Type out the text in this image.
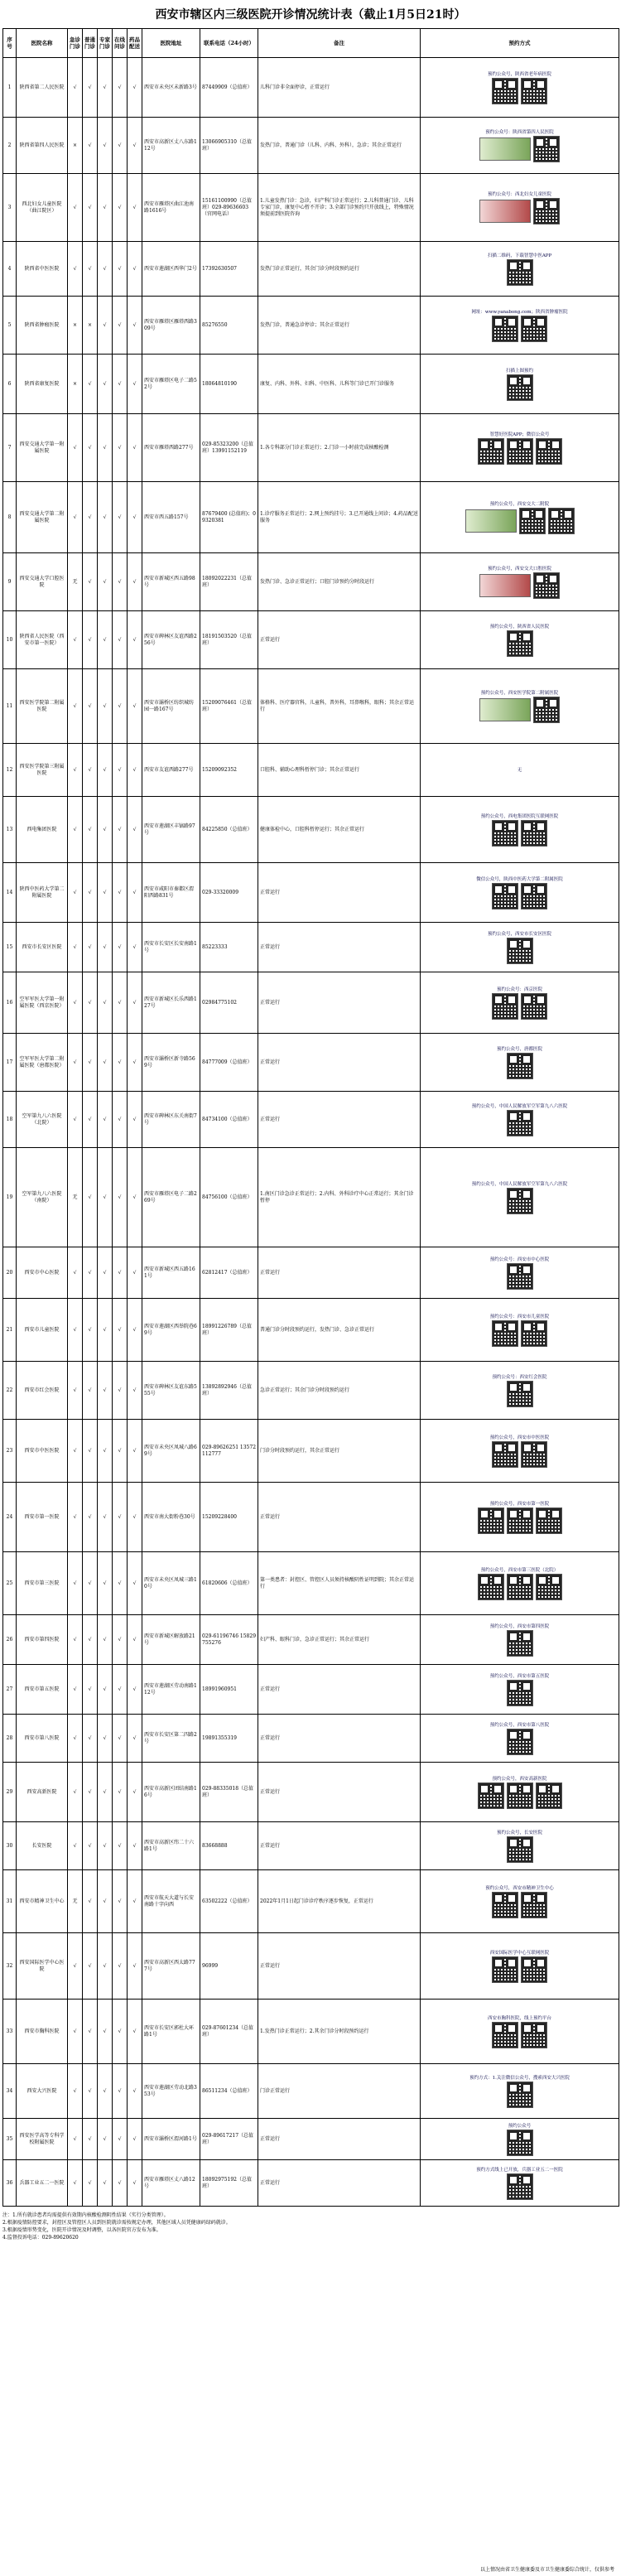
西安市辖区内三级医院开诊情况统计表（截止1月5日21时）
序号	医院名称	急诊门诊	普通门诊	专家门诊	在线问诊	药品配送	医院地址	联系电话（24小时）	备注	预约方式
1	陕西省第二人民医院	√	√	√	√	√	西安市未央区未新路3号	87449909（总值班）	儿科门诊非全面停诊，正常运行	预约公众号，陕西省老年病医院

2	陕西省第四人民医院	×	√	√	√	√	西安市高新区丈八东路112号	13066905310（总值班）	发热门诊，普通门诊（儿科、内科、外科），急诊；其余正常运行	预约公众号：陕西省第四人民医院

3	西北妇女儿童医院（曲江院区）	√	√	√	√	√	西安市雁塔区曲江池南路1616号	15161100990（总值班）029-89636603（官网电话）	1.儿童发热门诊：急诊，妇产科门诊正常运行；2.儿科普通门诊、儿科专家门诊，康复中心暂不开诊；3.全部门诊预约只开放线上，特殊情况须提前到医院咨询	预约公众号：西北妇女儿童医院

4	陕西省中医医院	√	√	√	√	√	西安市莲湖区西华门2号	17392630507	发热门诊正常运行，其余门诊分时段预约运行	扫描二维码，下载智慧中医APP

5	陕西省肿瘤医院	×	×	√	√	√	西安市雁塔区雁塔西路309号	85276550	发热门诊，普通急诊停诊；其余正常运行	网址：www.yanabong.com；陕西省肿瘤医院

6	陕西省康复医院	×	√	√	√	√	西安市雁塔区电子二路52号	18064810190	康复、内科、外科、妇科、中医科、儿科等门诊已开门诊服务	扫描上图预约

7	西安交通大学第一附属医院	√	√	√	√	√	西安市雁塔西路277号	029-85323200（总值班）13991152119	1.各专科部分门诊正常运行；2.门诊一小时前完成核酸检测	智慧好医院APP；微信公众号

8	西安交通大学第二附属医院	√	√	√	√	√	西安市西五路157号	87679400 (总值班)；09320381	1.诊疗服务正常运行；2.网上预约挂号；3.已开通线上问诊；4.药品配送服务	预约公众号，西安交大二附院

9	西安交通大学口腔医院	无	√	√	√	√	西安市新城区西五路98号	18092022231（总值班）	发热门诊、急诊正常运行；口腔门诊预约分时段运行	预约公众号，西安交大口腔医院

10	陕西省人民医院（西安市第一医院）	√	√	√	√	√	西安市碑林区友谊西路256号	18191503520（总值班）	正常运行	预约公众号，陕西省人民医院

11	西安医学院第二附属医院	√	√	√	√	√	西安市灞桥区纺织城纺园一路167号	15209076461（总值班）	体格科、医疗器官科，儿童科，普外科，耳鼻喉科，眼科；其余正常运行	预约公众号，西安医学院第二附属医院

12	西安医学院第三附属医院	√	√	√	√	√	西安市友谊西路277号	15209092352	口腔科、辅助心理科暂停门诊；其余正常运行	无

13	西电集团医院	√	√	√	√	√	西安市莲湖区丰镐路97号	84225850（总值班）	健康体检中心，口腔科暂停运行；其余正常运行	预约公众号，西电集团医院互联网医院

14	陕西中医药大学第二附属医院	√	√	√	√	√	西安市咸阳市秦都区渭阳西路831号	029-33320009	正常运行	微信公众号，陕西中医药大学第二附属医院

15	西安市长安区医院	√	√	√	√	√	西安市长安区长安南路1号	85223333	正常运行	预约公众号，西安市长安区医院

16	空军军医大学第一附属医院（西京医院）	√	√	√	√	√	西安市新城区长乐西路127号	02984775102	正常运行	预约公众号：西京医院

17	空军军医大学第二附属医院（唐都医院）	√	√	√	√	√	西安市灞桥区新寺路569号	84777009（总值班）	正常运行	预约公众号，唐都医院

18	空军第九八六医院（北院）	√	√	√	√	√	西安市碑林区东关南街7号	84734100（总值班）	正常运行	预约公众号，中国人民解放军空军第九八六医院

19	空军第九八六医院（南院）	无	√	√	√	√	西安市雁塔区电子二路269号	84756100（总值班）	1.南区门诊急诊正常运行；2.内科、外科诊疗中心正常运行；其余门诊暂停	预约公众号，中国人民解放军空军第九八六医院

20	西安市中心医院	√	√	√	√	√	西安市新城区西五路161号	62812417（总值班）	正常运行	预约公众号：西安市中心医院

21	西安市儿童医院	√	√	√	√	√	西安市莲湖区西举院巷69号	18991226789（总值班）	普通门诊分时段预约运行，发热门诊、急诊正常运行	预约公众号：西安市儿童医院

22	西安市红会医院	√	√	√	√	√	西安市碑林区友谊东路555号	13892892946（总值班）	急诊正常运行；其余门诊分时段预约运行	预约公众号：西安红会医院

23	西安市中医医院	√	√	√	√	√	西安市未央区凤城八路69号	029-89626251 13572112777	门诊分时段预约运行，其余正常运行	预约公众号，西安市中医医院

24	西安市第一医院	√	√	√	√	√	西安市南大街粉巷30号	15209228400	正常运行	预约公众号，西安市第一医院

25	西安市第三医院	√	√	√	√	√	西安市未央区凤城三路10号	61820606（总值班）	第一类患者：封控区、管控区人员须持核酸阴性证明到院；其余正常运行	预约公众号，西安市第三医院（北院）

26	西安市第四医院	√	√	√	√	√	西安市新城区解放路21号	029-61196746 15829755276	妇产科、眼科门诊，急诊正常运行；其余正常运行	预约公众号，西安市第四医院

27	西安市第五医院	√	√	√	√	√	西安市莲湖区劳动南路112号	18991960951	正常运行	预约公众号，西安市第五医院

28	西安市第八医院	√	√	√	√	√	西安市长安区第二四路2号	19891355319	正常运行	预约公众号，西安市第八医院

29	西安高新医院	√	√	√	√	√	西安市高新区团结南路16号	029-88335018（总值班）	正常运行	预约公众号，西安高新医院

30	长安医院	√	√	√	√	√	西安市高新区纬二十六路1号	83668888	正常运行	预约公众号，长安医院

31	西安市精神卫生中心	无	√	√	√	√	西安市航天大道与长安南路十字向西	63502222（总值班）	2022年1月1日起门诊诊疗秩序逐步恢复，正常运行	预约公众号，西安市精神卫生中心

32	西安国际医学中心医院	√	√	√	√	√	西安市高新区西太路777号	96999	正常运行	西安国际医学中心互联网医院

33	西安市胸科医院	√	√	√	√	√	西安市长安区郭杜大环路1号	029-87601234（总值班）	1.发热门诊正常运行；2.其余门诊分时段预约运行	西安市胸科医院，线上预约平台

34	西安大兴医院	√	√	√	√	√	西安市莲湖区劳动北路353号	86511234（总值班）	门诊正常运行	预约方式：1.关注微信公众号，搜索西安大兴医院

35	西安医学高等专科学校附属医院	√	√	√	√	√	西安市灞桥区渭河路1号	029-89617217（总值班）	正常运行	预约公众号

36	兵器工业五二一医院	√	√	√	√	√	西安市雁塔区丈八路12号	18092975192（总值班）	正常运行	预约方式线上已开放，兵器工业五二一医院
注：1.所有就诊患者均需提供有效期内核酸检测阴性结果（实行分类管理）。
2.根据疫情防控要求，封控区及管控区人员到医院就诊需按规定办理，其他区域人员凭健康码绿码就诊。
3.根据疫情形势变化，医院开诊情况及时调整，以各医院官方发布为准。
4.监督投诉电话：029-89620620
以上情况由省卫生健康委及市卫生健康委综合统计，仅供参考
